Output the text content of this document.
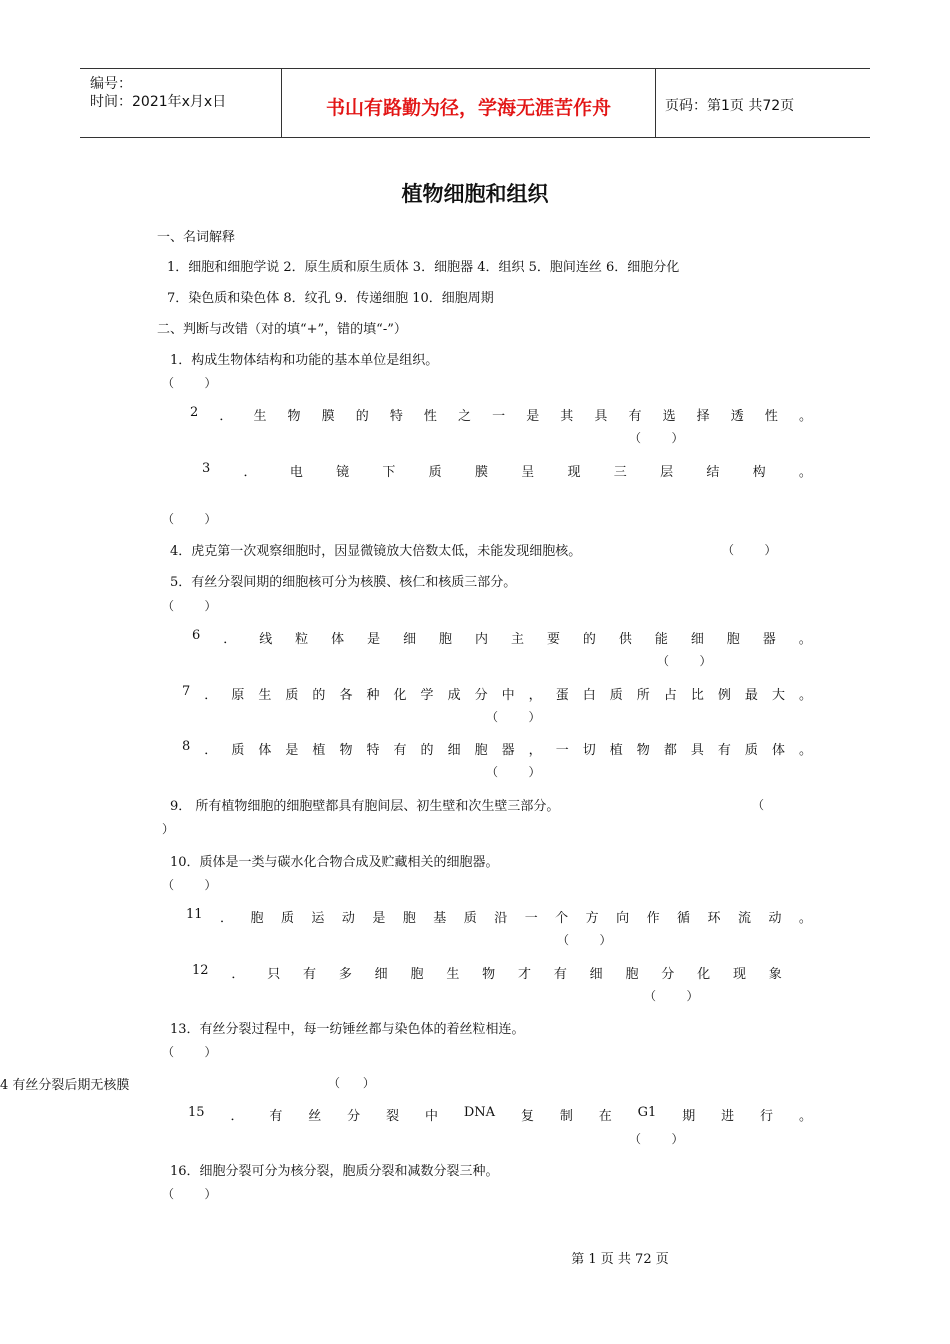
编号：
时间：2021年x月x日	书山有路勤为径，学海无涯苦作舟	页码：第1页 共72页
植物细胞和组织
一、名词解释
1．细胞和细胞学说 2．原生质和原生质体 3．细胞器 4．组织 5．胞间连丝 6．细胞分化
7．染色质和染色体 8．纹孔 9．传递细胞 10．细胞周期
二、判断与改错（对的填“+”，错的填“-”）
1．构成生物体结构和功能的基本单位是组织。
（        ）
2 ． 生 物 膜 的 特 性 之 一 是 其 具 有 选 择 透 性 。
（        ）
3	．	电	镜	下	质	膜	呈	现	三	层	结	构	。
（        ）
4．虎克第一次观察细胞时，因显微镜放大倍数太低，未能发现细胞核。	（        ）
5．有丝分裂间期的细胞核可分为核膜、核仁和核质三部分。
（        ）
6 ． 线 粒 体 是 细 胞 内 主 要 的 供 能 细 胞 器 。
（        ）
7 ． 原 生 质 的 各 种 化 学 成 分 中 ， 蛋 白 质 所 占 比 例 最 大 。
（        ）
8 ． 质 体 是 植 物 特 有 的 细 胞 器 ， 一 切 植 物 都 具 有 质 体 。
（        ）
9． 所有植物细胞的细胞壁都具有胞间层、初生壁和次生壁三部分。	（
）
10．质体是一类与碳水化合物合成及贮藏相关的细胞器。
（        ）
11 ． 胞 质 运 动 是 胞 基 质 沿 一 个 方 向 作 循 环 流 动 。
（        ）
12 ． 只 有 多 细 胞 生 物 才 有 细 胞 分 化 现 象
（        ）
13．有丝分裂过程中，每一纺锤丝都与染色体的着丝粒相连。
（        ）
4 有丝分裂后期无核膜	（      ）
15 ． 有 丝 分 裂 中 DNA 复 制 在 G1 期 进 行 。
（        ）
16．细胞分裂可分为核分裂，胞质分裂和减数分裂三种。
（        ）
第 1 页 共 72 页
